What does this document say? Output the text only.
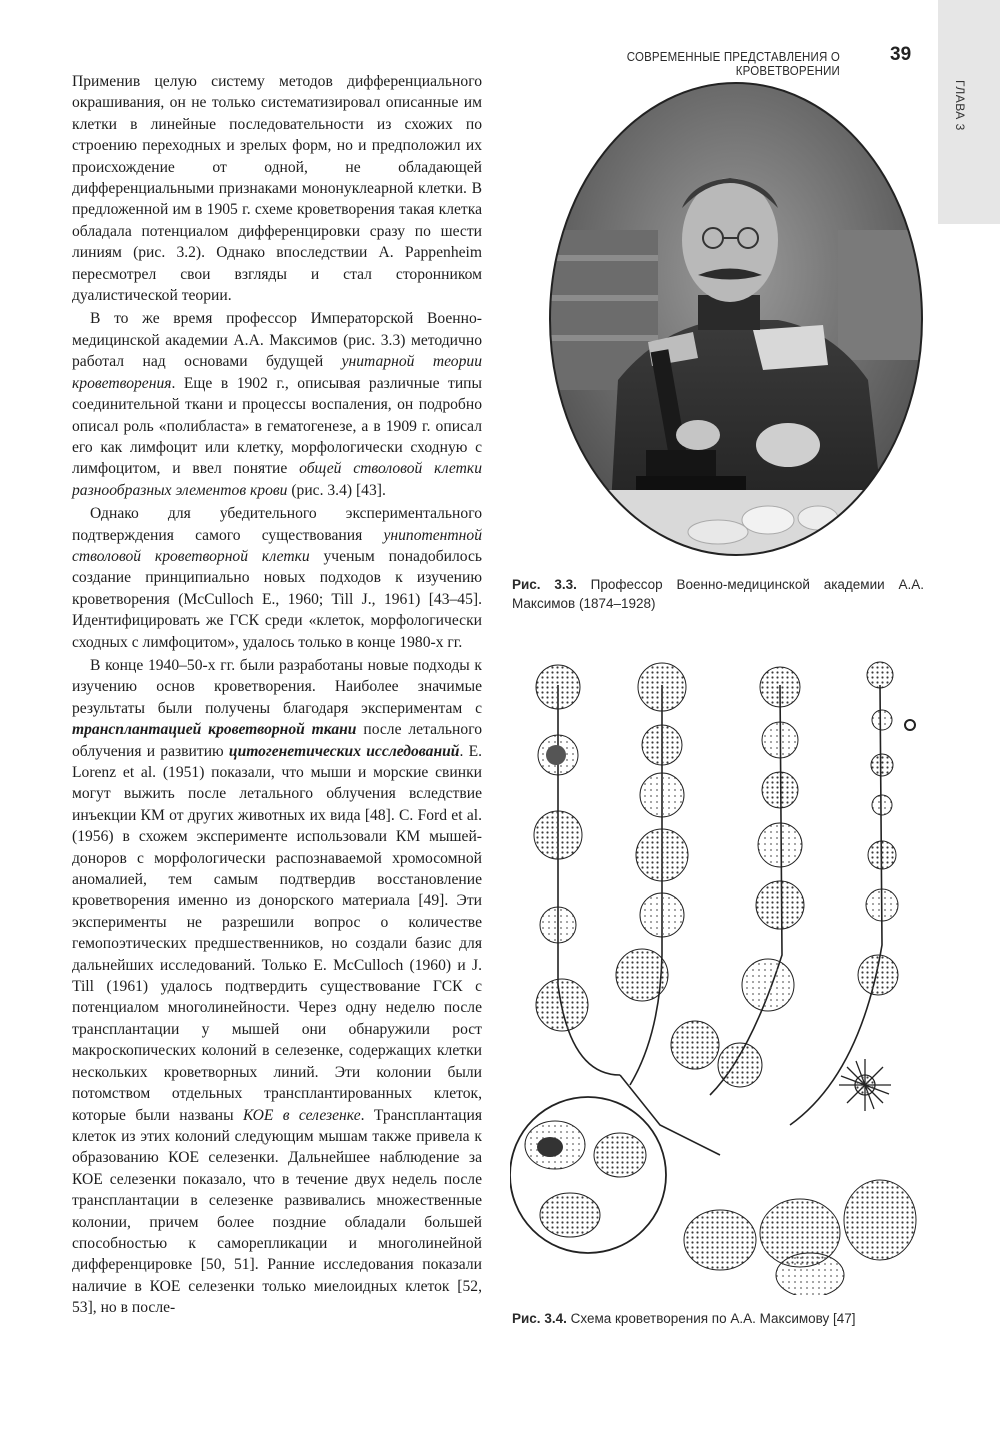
ГЛАВА 3
СОВРЕМЕННЫЕ ПРЕДСТАВЛЕНИЯ О КРОВЕТВОРЕНИИ
39

Применив целую систему методов дифференциального окрашивания, он не только систематизировал описанные им клетки в линейные последовательности из схожих по строению переходных и зрелых форм, но и предположил их происхождение от одной, не обладающей дифференциальными признаками мононуклеарной клетки. В предложенной им в 1905 г. схеме кроветворения такая клетка обладала потенциалом дифференцировки сразу по шести линиям (рис. 3.2). Однако впоследствии A. Pappenheim пересмотрел свои взгляды и стал сторонником дуалистической теории.

В то же время профессор Императорской Военно-медицинской академии А.А. Максимов (рис. 3.3) методично работал над основами будущей унитарной теории кроветворения. Еще в 1902 г., описывая различные типы соединительной ткани и процессы воспаления, он подробно описал роль «полибласта» в гематогенезе, а в 1909 г. описал его как лимфоцит или клетку, морфологически сходную с лимфоцитом, и ввел понятие общей стволовой клетки разнообразных элементов крови (рис. 3.4) [43].

Однако для убедительного экспериментального подтверждения самого существования унипотентной стволовой кроветворной клетки ученым понадобилось создание принципиально новых подходов к изучению кроветворения (McCulloch E., 1960; Till J., 1961) [43–45]. Идентифицировать же ГСК среди «клеток, морфологически сходных с лимфоцитом», удалось только в конце 1980-х гг.

В конце 1940–50-х гг. были разработаны новые подходы к изучению основ кроветворения. Наиболее значимые результаты были получены благодаря экспериментам с трансплантацией кроветворной ткани после летального облучения и развитию цитогенетических исследований. E. Lorenz et al. (1951) показали, что мыши и морские свинки могут выжить после летального облучения вследствие инъекции КМ от других животных их вида [48]. C. Ford et al. (1956) в схожем эксперименте использовали КМ мышей-доноров с морфологически распознаваемой хромосомной аномалией, тем самым подтвердив восстановление кроветворения именно из донорского материала [49]. Эти эксперименты не разрешили вопрос о количестве гемопоэтических предшественников, но создали базис для дальнейших исследований. Только E. McCulloch (1960) и J. Till (1961) удалось подтвердить существование ГСК с потенциалом многолинейности. Через одну неделю после трансплантации у мышей они обнаружили рост макроскопических колоний в селезенке, содержащих клетки нескольких кроветворных линий. Эти колонии были потомством отдельных трансплантированных клеток, которые были названы КОЕ в селезенке. Трансплантация клеток из этих колоний следующим мышам также привела к образованию КОЕ селезенки. Дальнейшее наблюдение за КОЕ селезенки показало, что в течение двух недель после трансплантации в селезенке развивались множественные колонии, причем более поздние обладали большей способностью к саморепликации и многолинейной дифференцировке [50, 51]. Ранние исследования показали наличие в КОЕ селезенки только миелоидных клеток [52, 53], но в после-

Рис. 3.3. Профессор Военно-медицинской академии А.А. Максимов (1874–1928)
Рис. 3.4. Схема кроветворения по А.А. Максимову [47]
